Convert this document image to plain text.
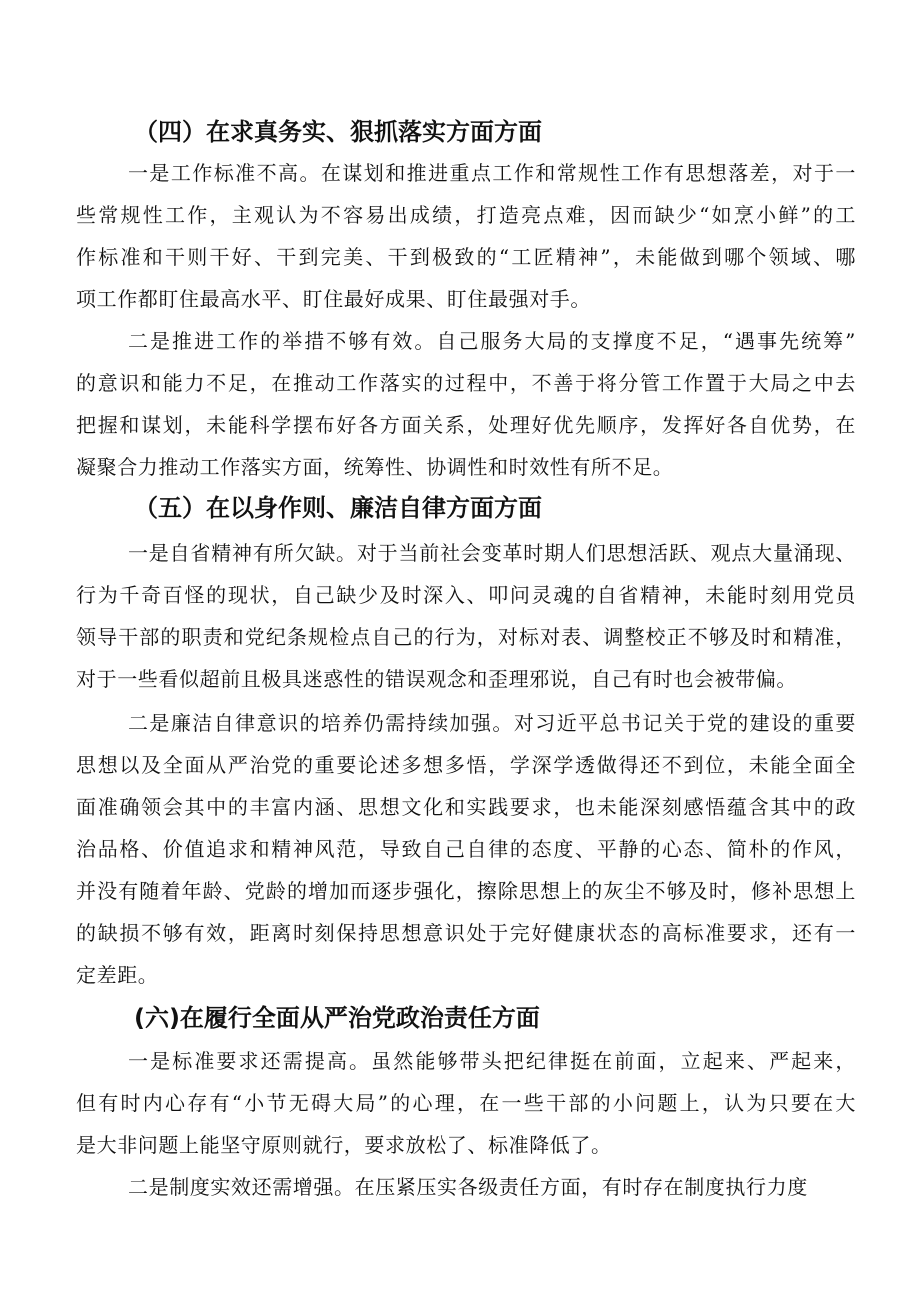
（四）在求真务实、狠抓落实方面方面
一是工作标准不高。在谋划和推进重点工作和常规性工作有思想落差，对于一
些常规性工作，主观认为不容易出成绩，打造亮点难，因而缺少“如烹小鲜”的工
作标准和干则干好、干到完美、干到极致的“工匠精神”，未能做到哪个领域、哪
项工作都盯住最高水平、盯住最好成果、盯住最强对手。
二是推进工作的举措不够有效。自己服务大局的支撑度不足，“遇事先统筹”
的意识和能力不足，在推动工作落实的过程中，不善于将分管工作置于大局之中去
把握和谋划，未能科学摆布好各方面关系，处理好优先顺序，发挥好各自优势，在
凝聚合力推动工作落实方面，统筹性、协调性和时效性有所不足。
（五）在以身作则、廉洁自律方面方面
一是自省精神有所欠缺。对于当前社会变革时期人们思想活跃、观点大量涌现、
行为千奇百怪的现状，自己缺少及时深入、叩问灵魂的自省精神，未能时刻用党员
领导干部的职责和党纪条规检点自己的行为，对标对表、调整校正不够及时和精准，
对于一些看似超前且极具迷惑性的错误观念和歪理邪说，自己有时也会被带偏。
二是廉洁自律意识的培养仍需持续加强。对习近平总书记关于党的建设的重要
思想以及全面从严治党的重要论述多想多悟，学深学透做得还不到位，未能全面全
面准确领会其中的丰富内涵、思想文化和实践要求，也未能深刻感悟蕴含其中的政
治品格、价值追求和精神风范，导致自己自律的态度、平静的心态、简朴的作风，
并没有随着年龄、党龄的增加而逐步强化，擦除思想上的灰尘不够及时，修补思想上
的缺损不够有效，距离时刻保持思想意识处于完好健康状态的高标准要求，还有一
定差距。
(六)在履行全面从严治党政治责任方面
一是标准要求还需提高。虽然能够带头把纪律挺在前面，立起来、严起来，
但有时内心存有“小节无碍大局”的心理，在一些干部的小问题上，认为只要在大
是大非问题上能坚守原则就行，要求放松了、标准降低了。
二是制度实效还需增强。在压紧压实各级责任方面，有时存在制度执行力度
